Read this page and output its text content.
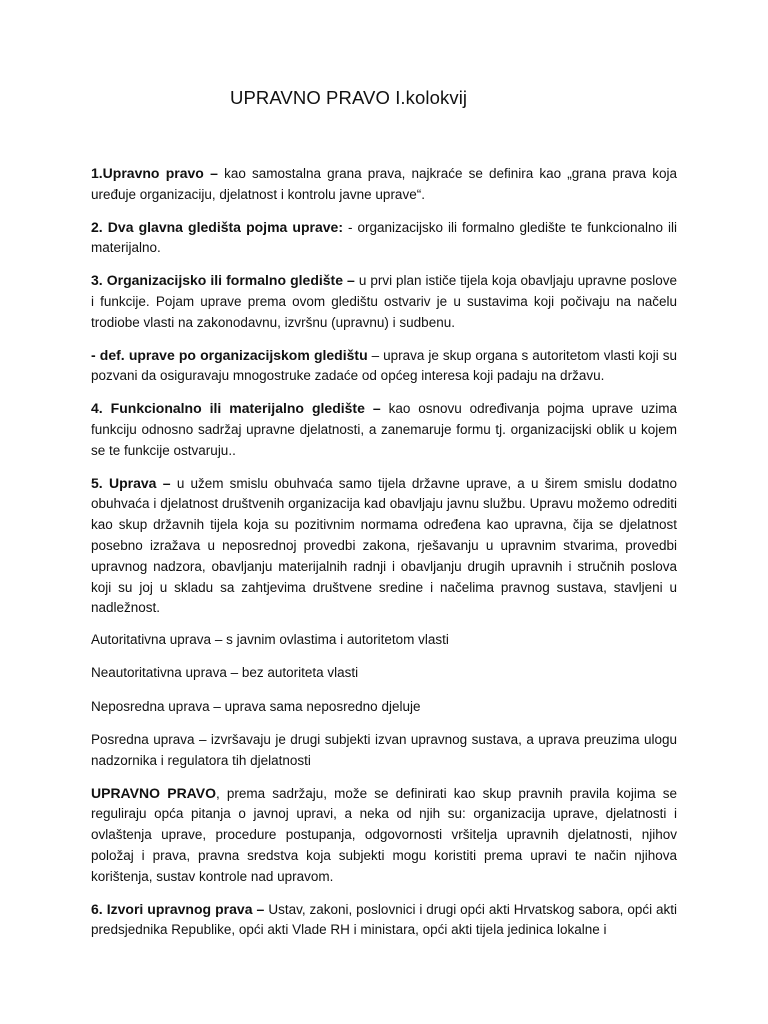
UPRAVNO PRAVO I.kolokvij

1.Upravno pravo – kao samostalna grana prava, najkraće se definira kao „grana prava koja uređuje organizaciju, djelatnost i kontrolu javne uprave“.

2. Dva glavna gledišta pojma uprave: - organizacijsko ili formalno gledište te funkcionalno ili materijalno.

3. Organizacijsko ili formalno gledište – u prvi plan ističe tijela koja obavljaju upravne poslove i funkcije. Pojam uprave prema ovom gledištu ostvariv je u sustavima koji počivaju na načelu trodiobe vlasti na zakonodavnu, izvršnu (upravnu) i sudbenu.

- def. uprave po organizacijskom gledištu – uprava je skup organa s autoritetom vlasti koji su pozvani da osiguravaju mnogostruke zadaće od općeg interesa koji padaju na državu.

4. Funkcionalno ili materijalno gledište – kao osnovu određivanja pojma uprave uzima funkciju odnosno sadržaj upravne djelatnosti, a zanemaruje formu tj. organizacijski oblik u kojem se te funkcije ostvaruju..

5. Uprava – u užem smislu obuhvaća samo tijela državne uprave, a u širem smislu dodatno obuhvaća i djelatnost društvenih organizacija kad obavljaju javnu službu. Upravu možemo odrediti kao skup državnih tijela koja su pozitivnim normama određena kao upravna, čija se djelatnost posebno izražava u neposrednoj provedbi zakona, rješavanju u upravnim stvarima, provedbi upravnog nadzora, obavljanju materijalnih radnji i obavljanju drugih upravnih i stručnih poslova koji su joj u skladu sa zahtjevima društvene sredine i načelima pravnog sustava, stavljeni u nadležnost.

Autoritativna uprava – s javnim ovlastima i autoritetom vlasti

Neautoritativna uprava – bez autoriteta vlasti

Neposredna uprava – uprava sama neposredno djeluje

Posredna uprava – izvršavaju je drugi subjekti izvan upravnog sustava, a uprava preuzima ulogu nadzornika i regulatora tih djelatnosti

UPRAVNO PRAVO, prema sadržaju, može se definirati kao skup pravnih pravila kojima se reguliraju opća pitanja o javnoj upravi, a neka od njih su: organizacija uprave, djelatnosti i ovlaštenja uprave, procedure postupanja, odgovornosti vršitelja upravnih djelatnosti, njihov položaj i prava, pravna sredstva koja subjekti mogu koristiti prema upravi te način njihova korištenja, sustav kontrole nad upravom.

6. Izvori upravnog prava – Ustav, zakoni, poslovnici i drugi opći akti Hrvatskog sabora, opći akti predsjednika Republike, opći akti Vlade RH i ministara, opći akti tijela jedinica lokalne i
